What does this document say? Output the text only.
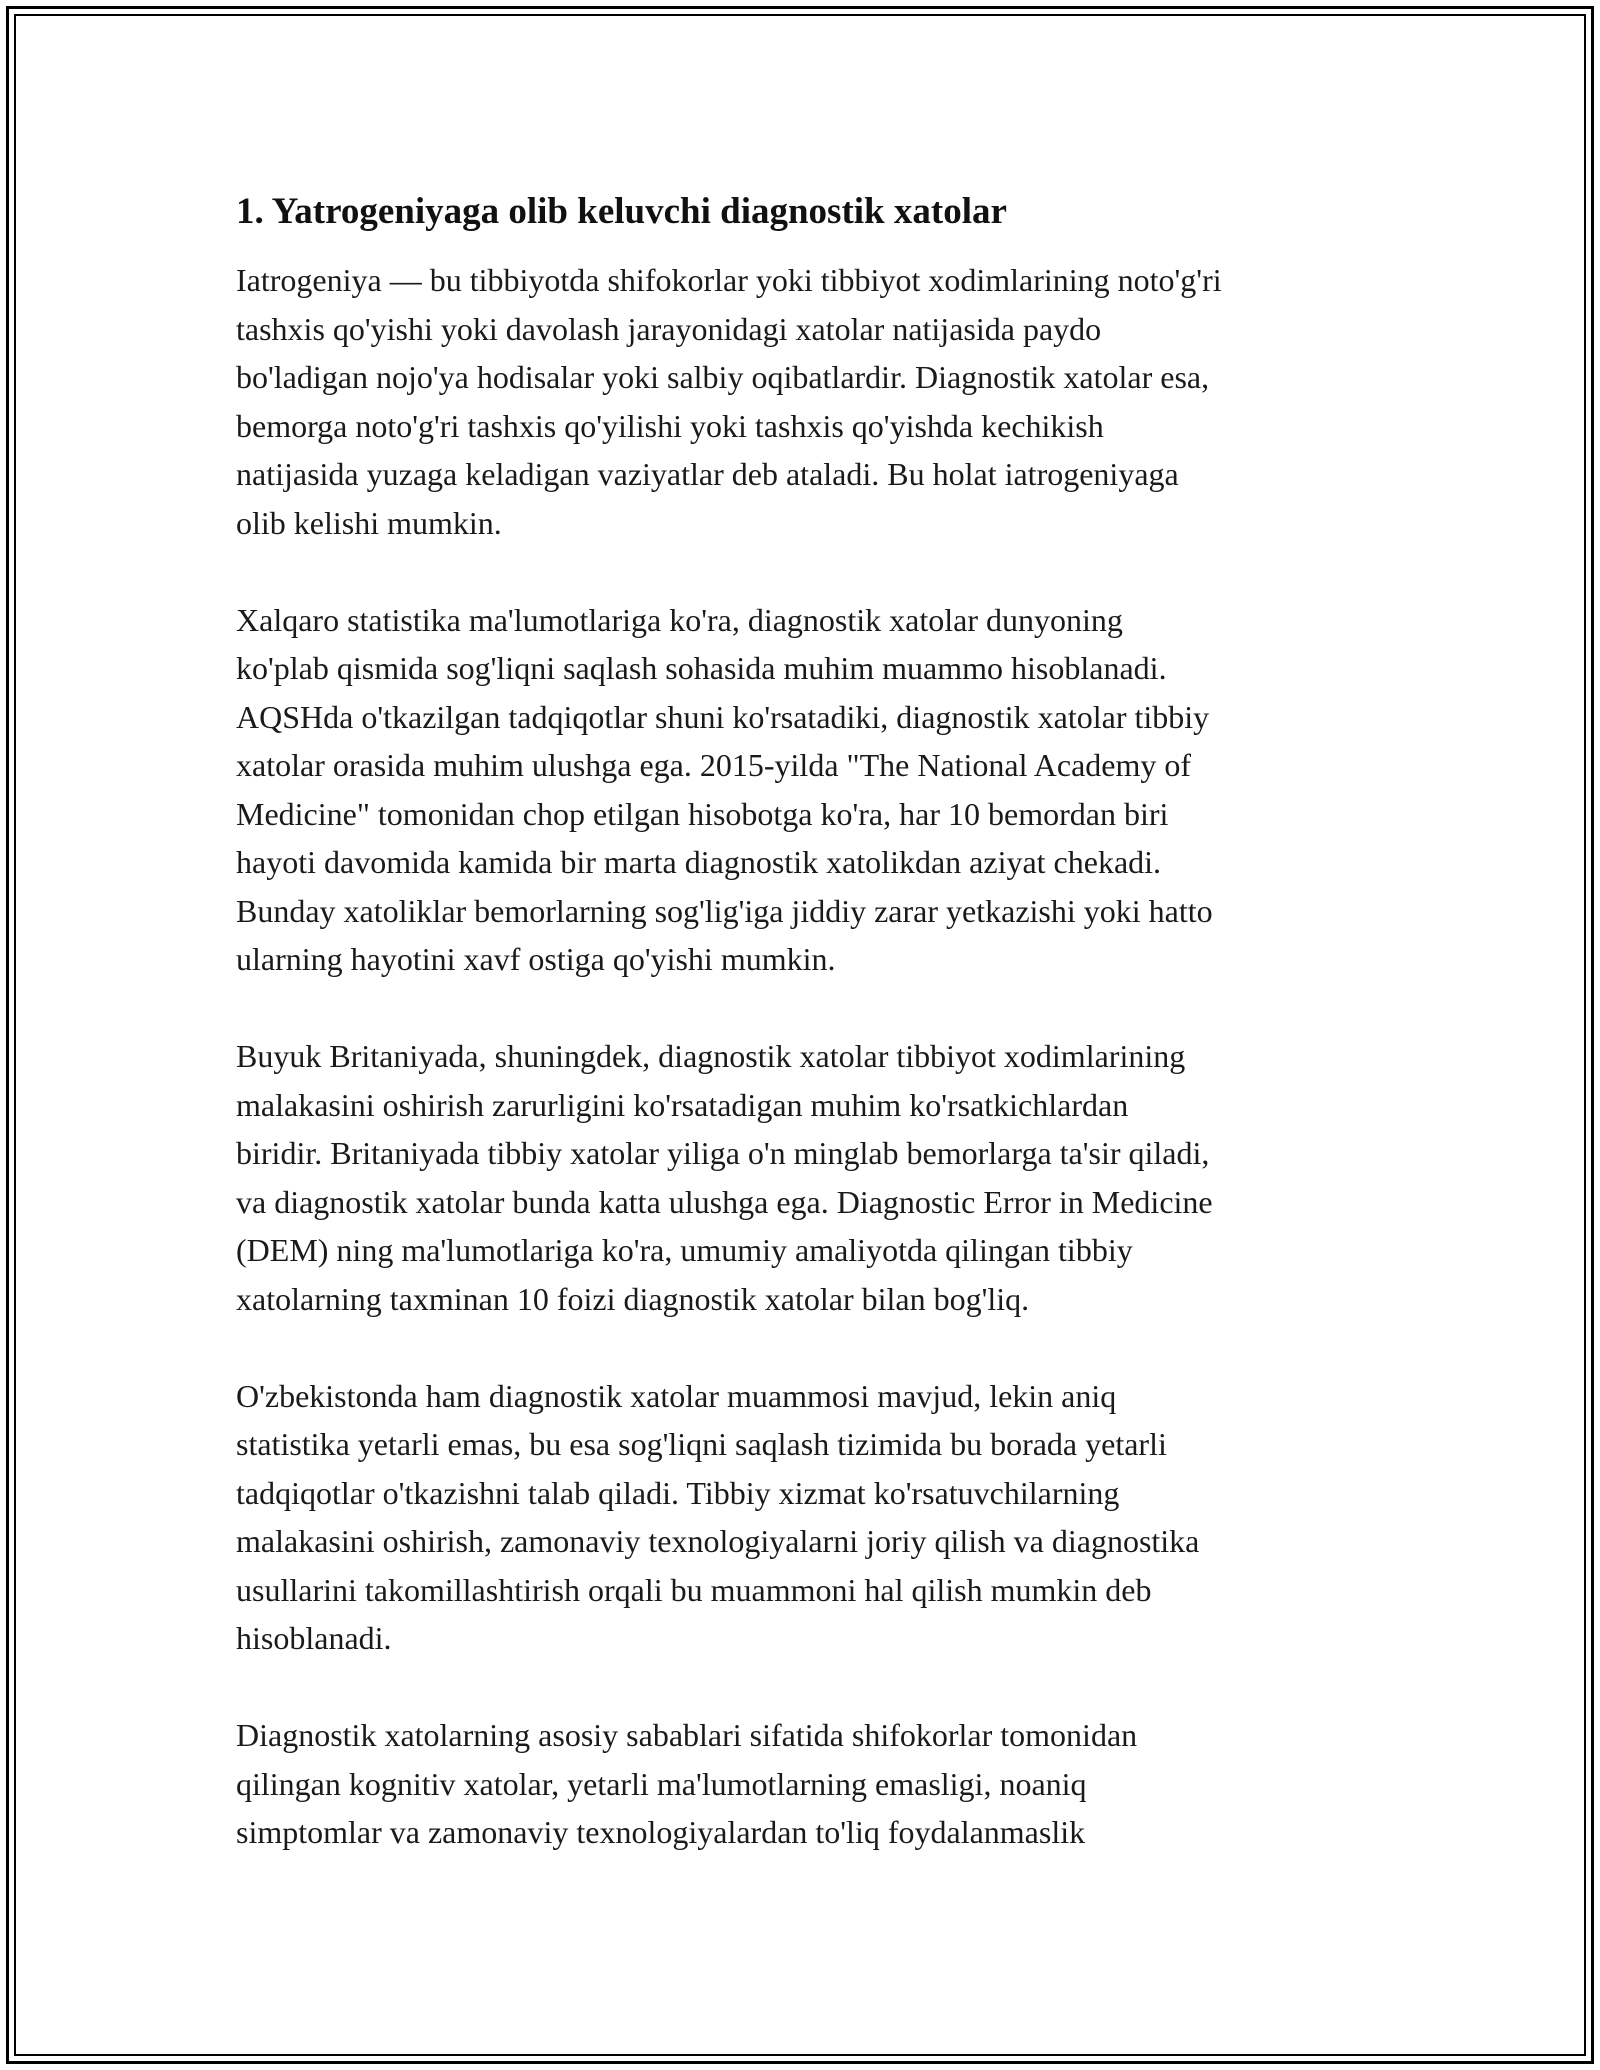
1. Yatrogeniyaga olib keluvchi diagnostik xatolar
Iatrogeniya — bu tibbiyotda shifokorlar yoki tibbiyot xodimlarining noto'g'ri
tashxis qo'yishi yoki davolash jarayonidagi xatolar natijasida paydo
bo'ladigan nojo'ya hodisalar yoki salbiy oqibatlardir. Diagnostik xatolar esa,
bemorga noto'g'ri tashxis qo'yilishi yoki tashxis qo'yishda kechikish
natijasida yuzaga keladigan vaziyatlar deb ataladi. Bu holat iatrogeniyaga
olib kelishi mumkin.
Xalqaro statistika ma'lumotlariga ko'ra, diagnostik xatolar dunyoning
ko'plab qismida sog'liqni saqlash sohasida muhim muammo hisoblanadi.
AQSHda o'tkazilgan tadqiqotlar shuni ko'rsatadiki, diagnostik xatolar tibbiy
xatolar orasida muhim ulushga ega. 2015-yilda "The National Academy of
Medicine" tomonidan chop etilgan hisobotga ko'ra, har 10 bemordan biri
hayoti davomida kamida bir marta diagnostik xatolikdan aziyat chekadi.
Bunday xatoliklar bemorlarning sog'lig'iga jiddiy zarar yetkazishi yoki hatto
ularning hayotini xavf ostiga qo'yishi mumkin.
Buyuk Britaniyada, shuningdek, diagnostik xatolar tibbiyot xodimlarining
malakasini oshirish zarurligini ko'rsatadigan muhim ko'rsatkichlardan
biridir. Britaniyada tibbiy xatolar yiliga o'n minglab bemorlarga ta'sir qiladi,
va diagnostik xatolar bunda katta ulushga ega. Diagnostic Error in Medicine
(DEM) ning ma'lumotlariga ko'ra, umumiy amaliyotda qilingan tibbiy
xatolarning taxminan 10 foizi diagnostik xatolar bilan bog'liq.
O'zbekistonda ham diagnostik xatolar muammosi mavjud, lekin aniq
statistika yetarli emas, bu esa sog'liqni saqlash tizimida bu borada yetarli
tadqiqotlar o'tkazishni talab qiladi. Tibbiy xizmat ko'rsatuvchilarning
malakasini oshirish, zamonaviy texnologiyalarni joriy qilish va diagnostika
usullarini takomillashtirish orqali bu muammoni hal qilish mumkin deb
hisoblanadi.
Diagnostik xatolarning asosiy sabablari sifatida shifokorlar tomonidan
qilingan kognitiv xatolar, yetarli ma'lumotlarning emasligi, noaniq
simptomlar va zamonaviy texnologiyalardan to'liq foydalanmaslik
